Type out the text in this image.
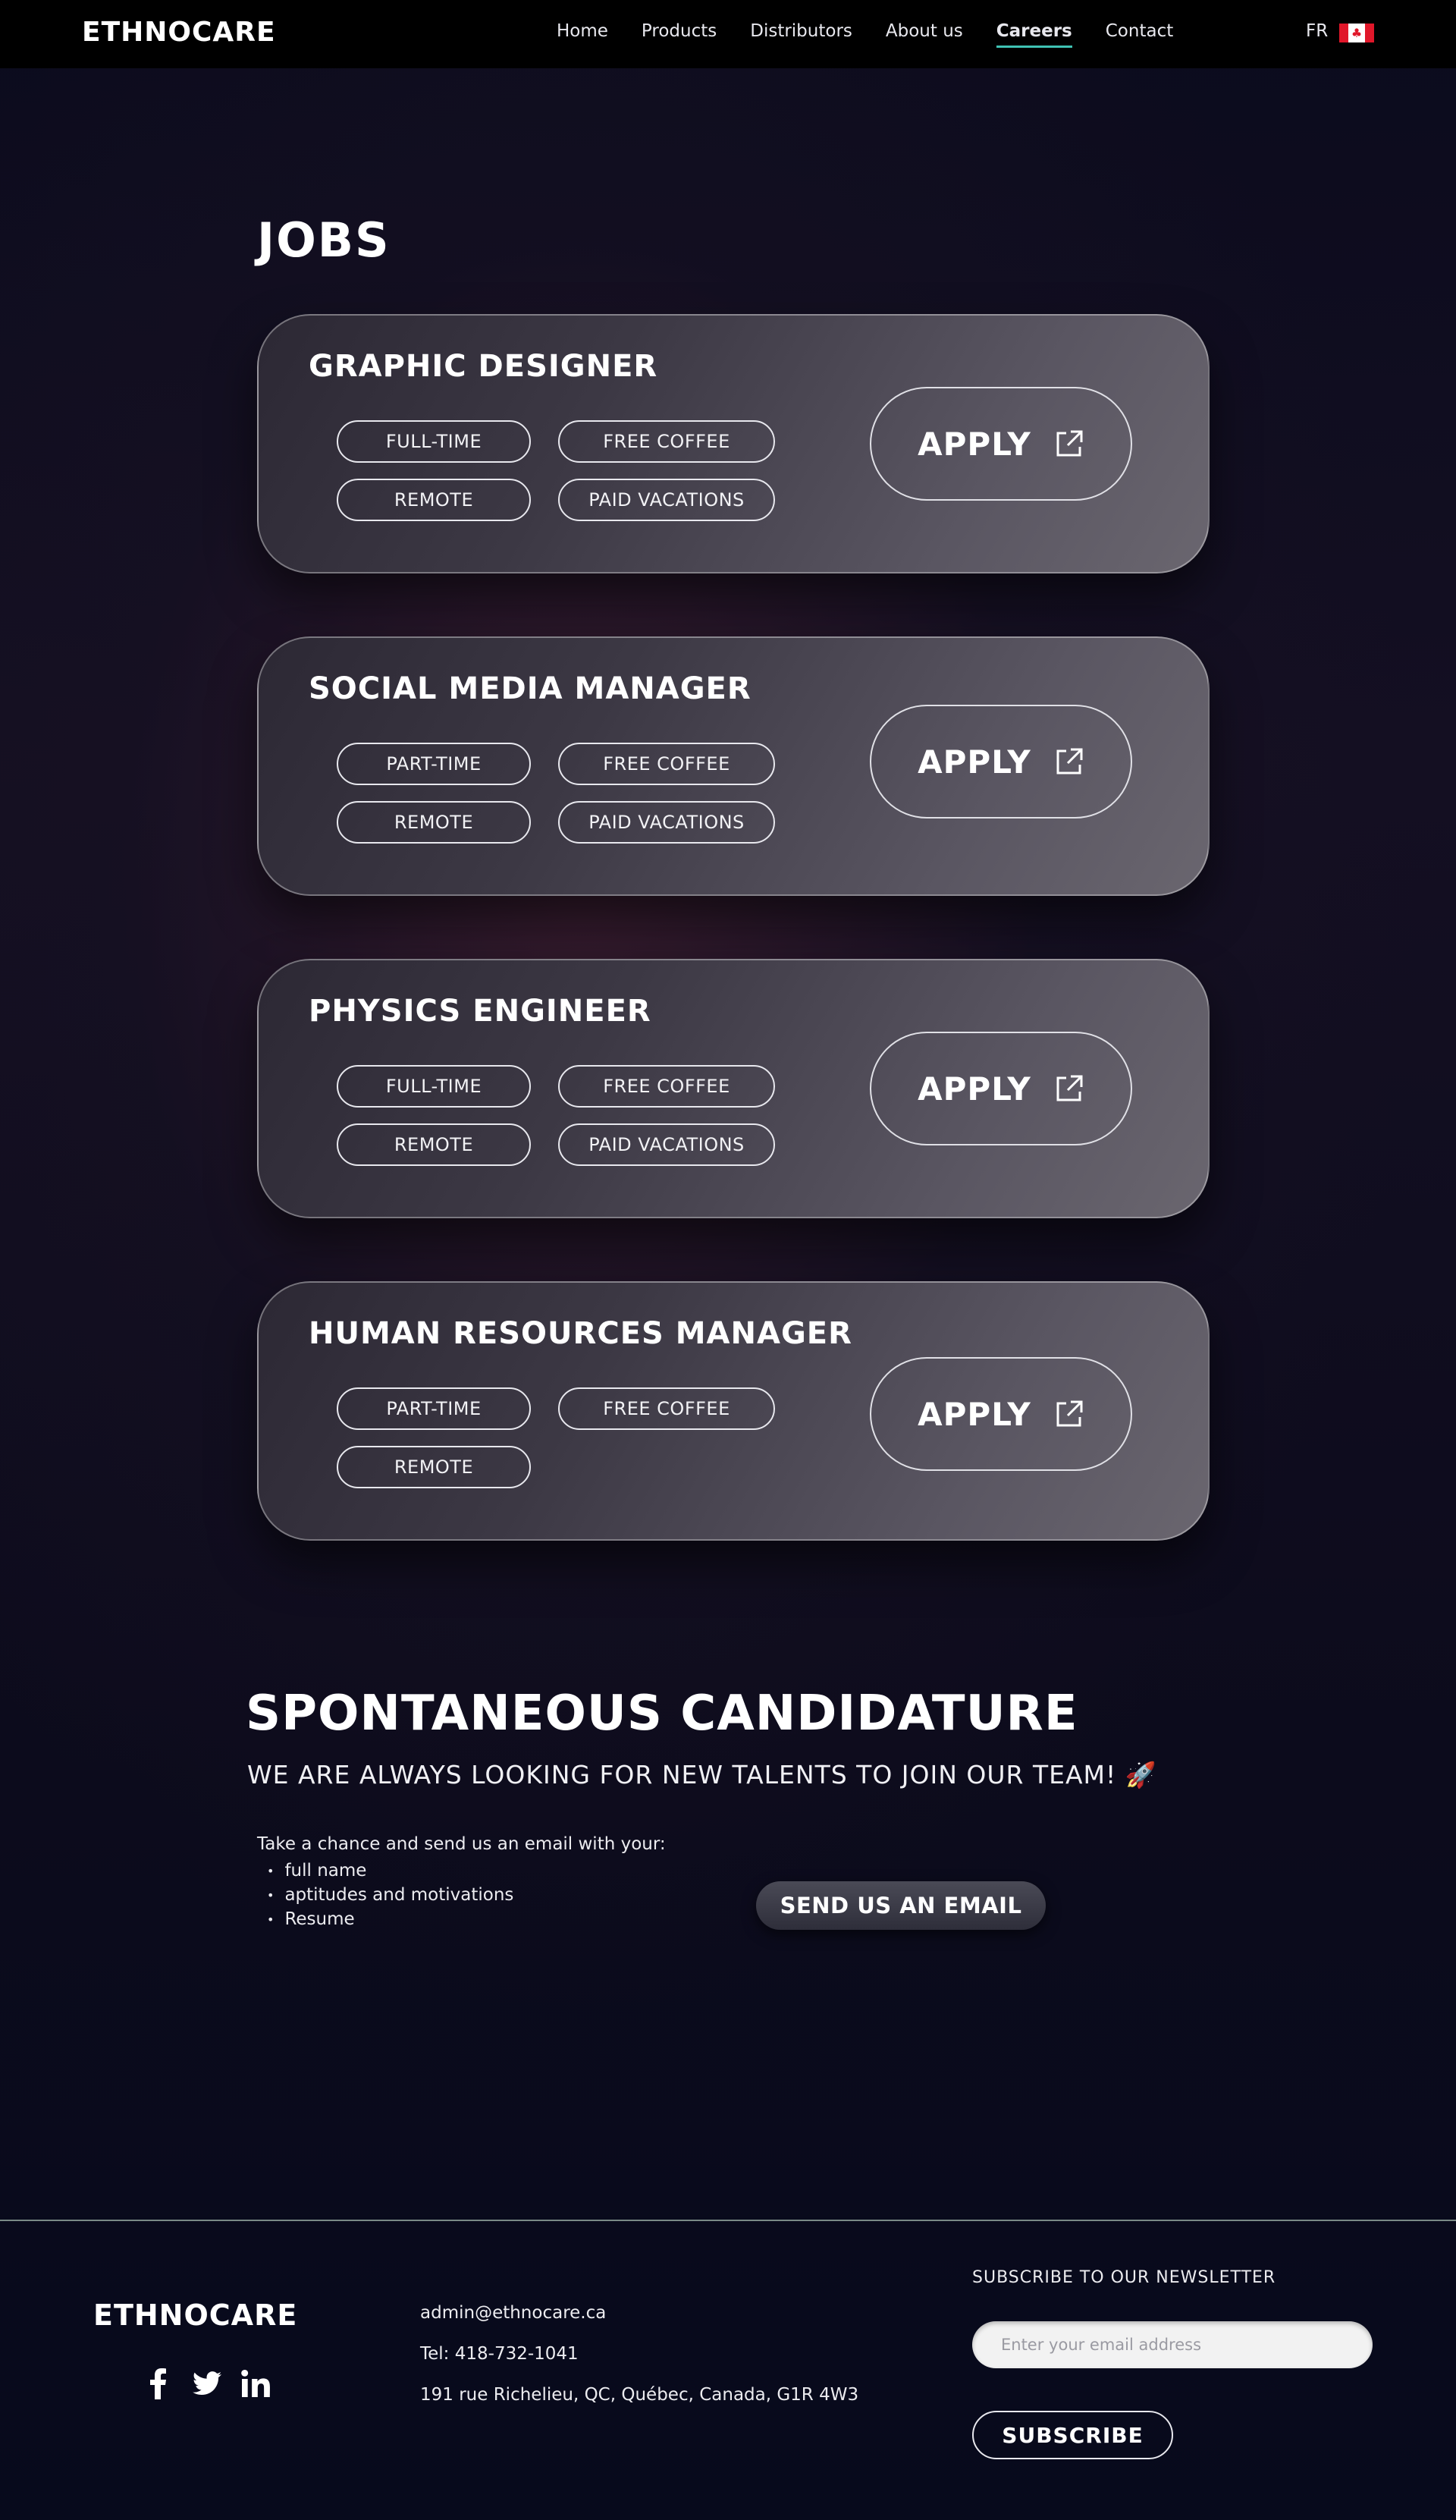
ETHNOCARE	Home Products Distributors About us Careers Contact	FR ♣
JOBS
GRAPHIC DESIGNER
FULL-TIME	FREE COFFEE
REMOTE	PAID VACATIONS
APPLY
SOCIAL MEDIA MANAGER
PART-TIME	FREE COFFEE
REMOTE	PAID VACATIONS
APPLY
PHYSICS ENGINEER
FULL-TIME	FREE COFFEE
REMOTE	PAID VACATIONS
APPLY
HUMAN RESOURCES MANAGER
PART-TIME	FREE COFFEE
REMOTE
APPLY
SPONTANEOUS CANDIDATURE

WE ARE ALWAYS LOOKING FOR NEW TALENTS TO JOIN OUR TEAM! 🚀

Take a chance and send us an email with your:

• full name
• aptitudes and motivations
• Resume
SEND US AN EMAIL
ETHNOCARE	admin@ethnocare.ca
Tel: 418-732-1041
191 rue Richelieu, QC, Québec, Canada, G1R 4W3
SUBSCRIBE TO OUR NEWSLETTER
Enter your email address
SUBSCRIBE
